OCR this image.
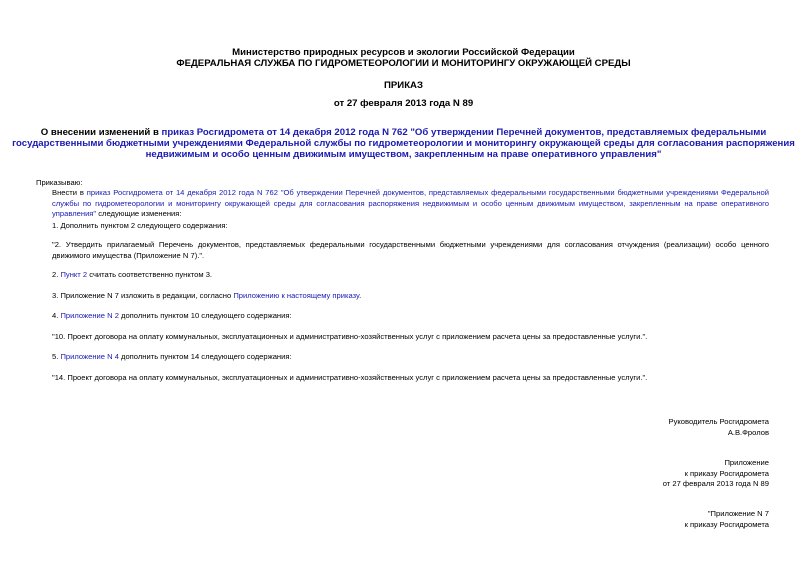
Министерство природных ресурсов и экологии Российской Федерации
ФЕДЕРАЛЬНАЯ СЛУЖБА ПО ГИДРОМЕТЕОРОЛОГИИ И МОНИТОРИНГУ ОКРУЖАЮЩЕЙ СРЕДЫ
ПРИКАЗ
от 27 февраля 2013 года N 89
О внесении изменений в приказ Росгидромета от 14 декабря 2012 года N 762 "Об утверждении Перечней документов, представляемых федеральными
государственными бюджетными учреждениями Федеральной службы по гидрометеорологии и мониторингу окружающей среды для согласования распоряжения
недвижимым и особо ценным движимым имуществом, закрепленным на праве оперативного управления"
Приказываю:
Внести в приказ Росгидромета от 14 декабря 2012 года N 762 "Об утверждении Перечней документов, представляемых федеральными государственными бюджетными учреждениями Федеральной службы по гидрометеорологии и мониторингу окружающей среды для согласования распоряжения недвижимым и особо ценным движимым имуществом, закрепленным на праве оперативного управления" следующие изменения:
1. Дополнить пунктом 2 следующего содержания:
"2. Утвердить прилагаемый Перечень документов, представляемых федеральными государственными бюджетными учреждениями для согласования отчуждения (реализации) особо ценного движимого имущества (Приложение N 7).".
2. Пункт 2 считать соответственно пунктом 3.
3. Приложение N 7 изложить в редакции, согласно Приложению к настоящему приказу.
4. Приложение N 2 дополнить пунктом 10 следующего содержания:
"10. Проект договора на оплату коммунальных, эксплуатационных и административно-хозяйственных услуг с приложением расчета цены за предоставленные услуги.".
5. Приложение N 4 дополнить пунктом 14 следующего содержания:
"14. Проект договора на оплату коммунальных, эксплуатационных и административно-хозяйственных услуг с приложением расчета цены за предоставленные услуги.".
Руководитель Росгидромета
А.В.Фролов
Приложение
к приказу Росгидромета
от 27 февраля 2013 года N 89
"Приложение N 7
к приказу Росгидромета
